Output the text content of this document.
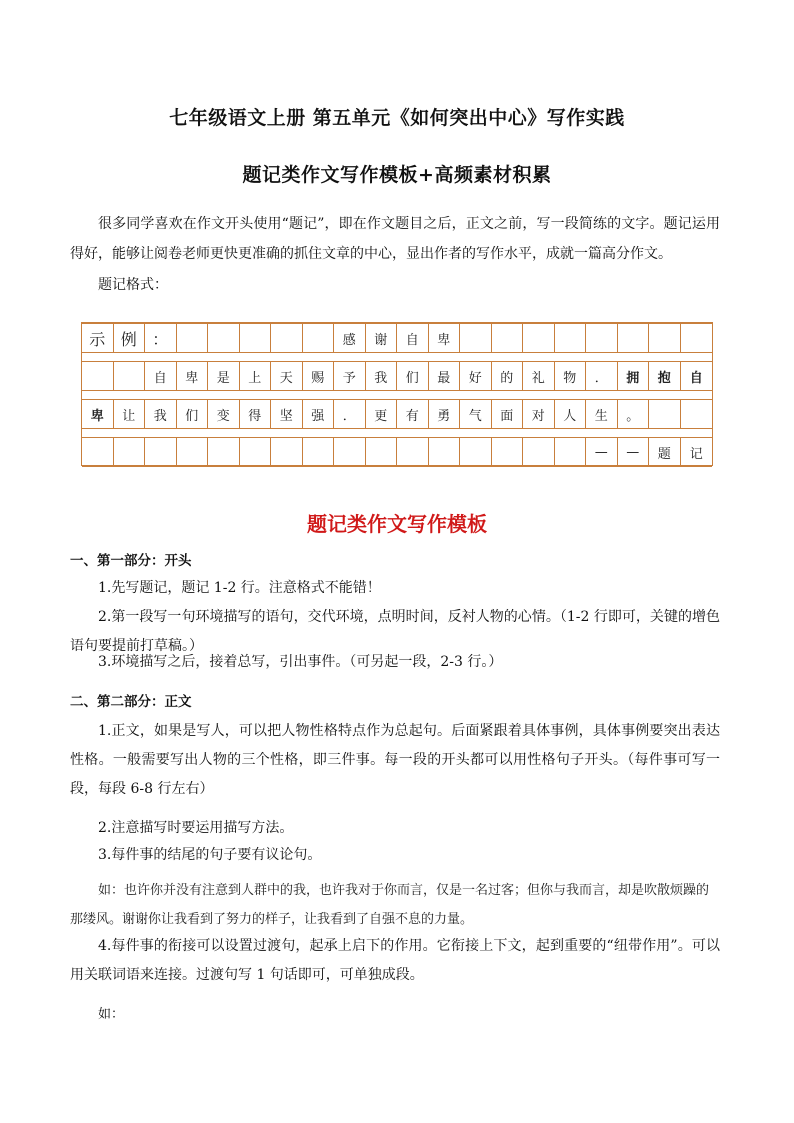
七年级语文上册 第五单元《如何突出中心》写作实践
题记类作文写作模板+高频素材积累
很多同学喜欢在作文开头使用“题记”，即在作文题目之后，正文之前，写一段简练的文字。题记运用得好，能够让阅卷老师更快更准确的抓住文章的中心，显出作者的写作水平，成就一篇高分作文。
题记格式：
示 例 ：	感	谢	自	卑
自	卑	是	上	天	赐	予	我	们	最	好	的	礼	物	．	拥	抱	自
卑	让	我	们	变	得	坚	强	．	更	有	勇	气	面	对	人	生	。
—	—	题	记
题记类作文写作模板
一、第一部分：开头
1.先写题记，题记 1-2 行。注意格式不能错！
2.第一段写一句环境描写的语句，交代环境，点明时间，反衬人物的心情。（1-2 行即可，关键的增色语句要提前打草稿。）
3.环境描写之后，接着总写，引出事件。（可另起一段，2-3 行。）
二、第二部分：正文
1.正文，如果是写人，可以把人物性格特点作为总起句。后面紧跟着具体事例，具体事例要突出表达性格。一般需要写出人物的三个性格，即三件事。每一段的开头都可以用性格句子开头。（每件事可写一段，每段 6-8 行左右）
2.注意描写时要运用描写方法。
3.每件事的结尾的句子要有议论句。
如：也许你并没有注意到人群中的我，也许我对于你而言，仅是一名过客；但你与我而言，却是吹散烦躁的那缕风。谢谢你让我看到了努力的样子，让我看到了自强不息的力量。
4.每件事的衔接可以设置过渡句，起承上启下的作用。它衔接上下文，起到重要的“纽带作用”。可以用关联词语来连接。过渡句写 1 句话即可，可单独成段。
如：
